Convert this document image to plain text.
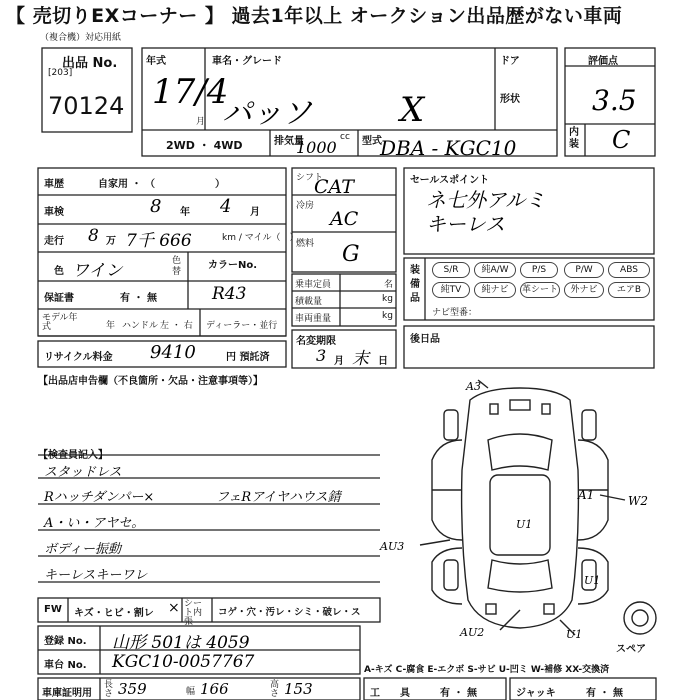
【 売切りEXコーナー 】 過去1年以上 オークション出品歴がない車両
（複合機）対応用紙
出品 No.
[203]
70124
年式
17/4
月
車名・グレード
パッソ	X
ドア
形状
2WD ・ 4WD	排気量	cc
1000	型式
DBA - KGC10
評価点
3.5
内装 C
車歴	自家用 ・ （　　　　　　）
車検	8 年 4 月
走行 8 万 7千 666	km / マイル（　）
色 ワイン	色替
カラーNo.
R43
保証書	有 ・ 無
モデル年式	年 ハンドル 左 ・ 右 ディーラー・並行
シフト
CAT
冷房
AC
燃料 G
乗車定員	名
積載量	kg
車両重量	kg
名変期限
3 月 末 日
セールスポイント
ネ七外アルミ
キーレス
装備品
S/R	純A/W	P/S	P/W	ABS
純TV	純ナビ	革シート	外ナビ	エアB
ナビ型番：
後日品
リサイクル料金 9410	円 預託済
【出品店申告欄（不良箇所・欠品・注意事項等）】
【検査員記入】
スタッドレス
Rハッチダンパー×	フェRアイヤハウス錆
A・い・アヤセ。
ボディー振動
キーレスキーワレ
A3
AU3
A1	W2
U1
U1
AU2	U1
スペア
FW キズ・ヒビ・割レ × シート内張
コゲ・穴・汚レ・シミ・破レ・ス
登録 No. 山形 501は 4059
車台 No. KGC10-0057767	A-キズ C-腐食 E-エクボ S-サビ U-凹ミ W-補修 XX-交換済
車庫証明用
長さ 359	幅 166	高さ 153	工　　具	有 ・ 無	ジャッキ	有 ・ 無
